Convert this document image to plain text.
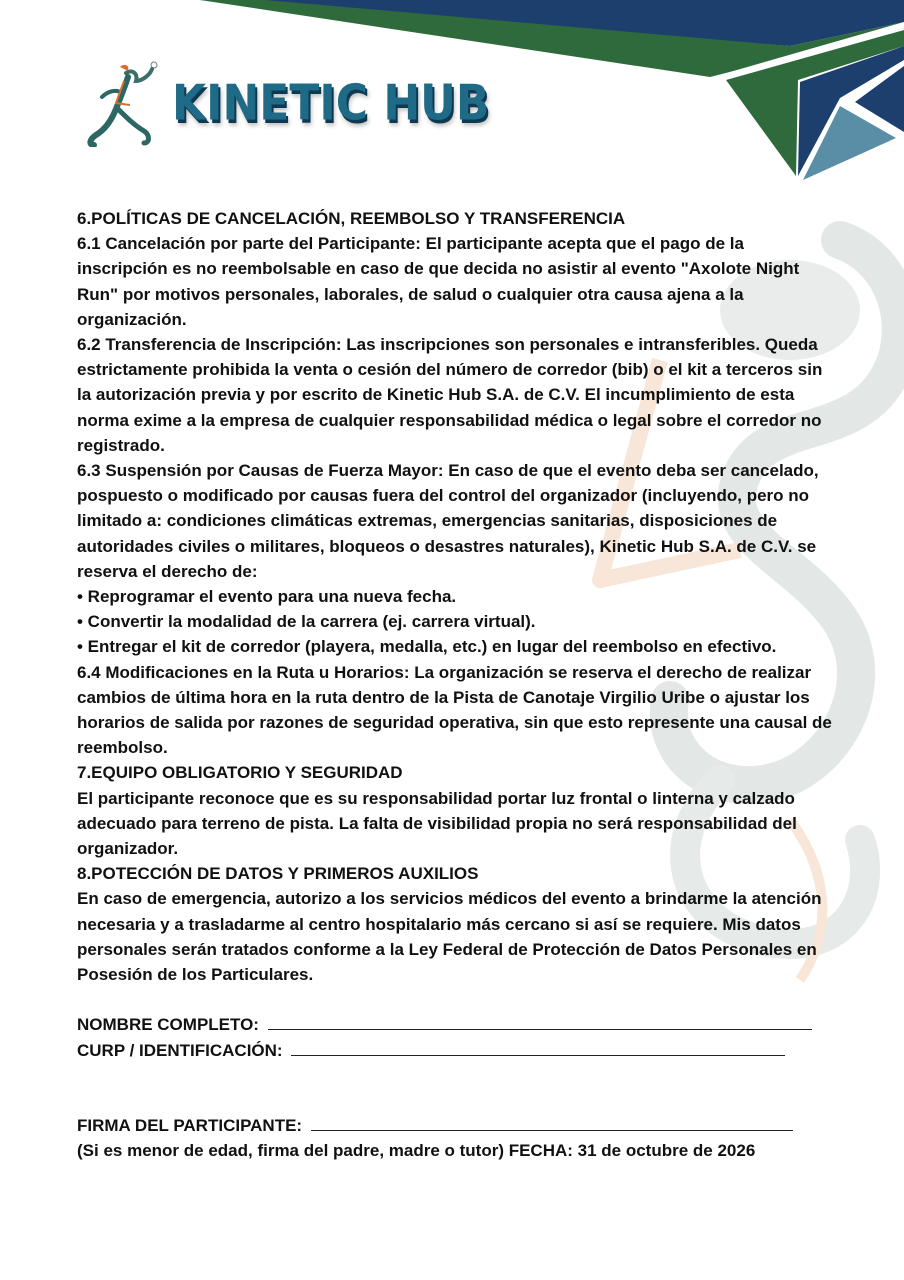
KINETIC HUB

6.POLÍTICAS DE CANCELACIÓN, REEMBOLSO Y TRANSFERENCIA

6.1 Cancelación por parte del Participante: El participante acepta que el pago de la inscripción es no reembolsable en caso de que decida no asistir al evento "Axolote Night Run" por motivos personales, laborales, de salud o cualquier otra causa ajena a la organización.

6.2 Transferencia de Inscripción: Las inscripciones son personales e intransferibles. Queda estrictamente prohibida la venta o cesión del número de corredor (bib) o el kit a terceros sin la autorización previa y por escrito de Kinetic Hub S.A. de C.V. El incumplimiento de esta norma exime a la empresa de cualquier responsabilidad médica o legal sobre el corredor no registrado.

6.3 Suspensión por Causas de Fuerza Mayor: En caso de que el evento deba ser cancelado, pospuesto o modificado por causas fuera del control del organizador (incluyendo, pero no limitado a: condiciones climáticas extremas, emergencias sanitarias, disposiciones de autoridades civiles o militares, bloqueos o desastres naturales), Kinetic Hub S.A. de C.V. se reserva el derecho de:

• Reprogramar el evento para una nueva fecha.

• Convertir la modalidad de la carrera (ej. carrera virtual).

• Entregar el kit de corredor (playera, medalla, etc.) en lugar del reembolso en efectivo.

6.4 Modificaciones en la Ruta u Horarios: La organización se reserva el derecho de realizar cambios de última hora en la ruta dentro de la Pista de Canotaje Virgilio Uribe o ajustar los horarios de salida por razones de seguridad operativa, sin que esto represente una causal de reembolso.

7.EQUIPO OBLIGATORIO Y SEGURIDAD

El participante reconoce que es su responsabilidad portar luz frontal o linterna y calzado adecuado para terreno de pista. La falta de visibilidad propia no será responsabilidad del organizador.

8.POTECCIÓN DE DATOS Y PRIMEROS AUXILIOS

En caso de emergencia, autorizo a los servicios médicos del evento a brindarme la atención necesaria y a trasladarme al centro hospitalario más cercano si así se requiere. Mis datos personales serán tratados conforme a la Ley Federal de Protección de Datos Personales en Posesión de los Particulares.

NOMBRE COMPLETO:

CURP / IDENTIFICACIÓN:

FIRMA DEL PARTICIPANTE:

(Si es menor de edad, firma del padre, madre o tutor) FECHA: 31 de octubre de 2026
